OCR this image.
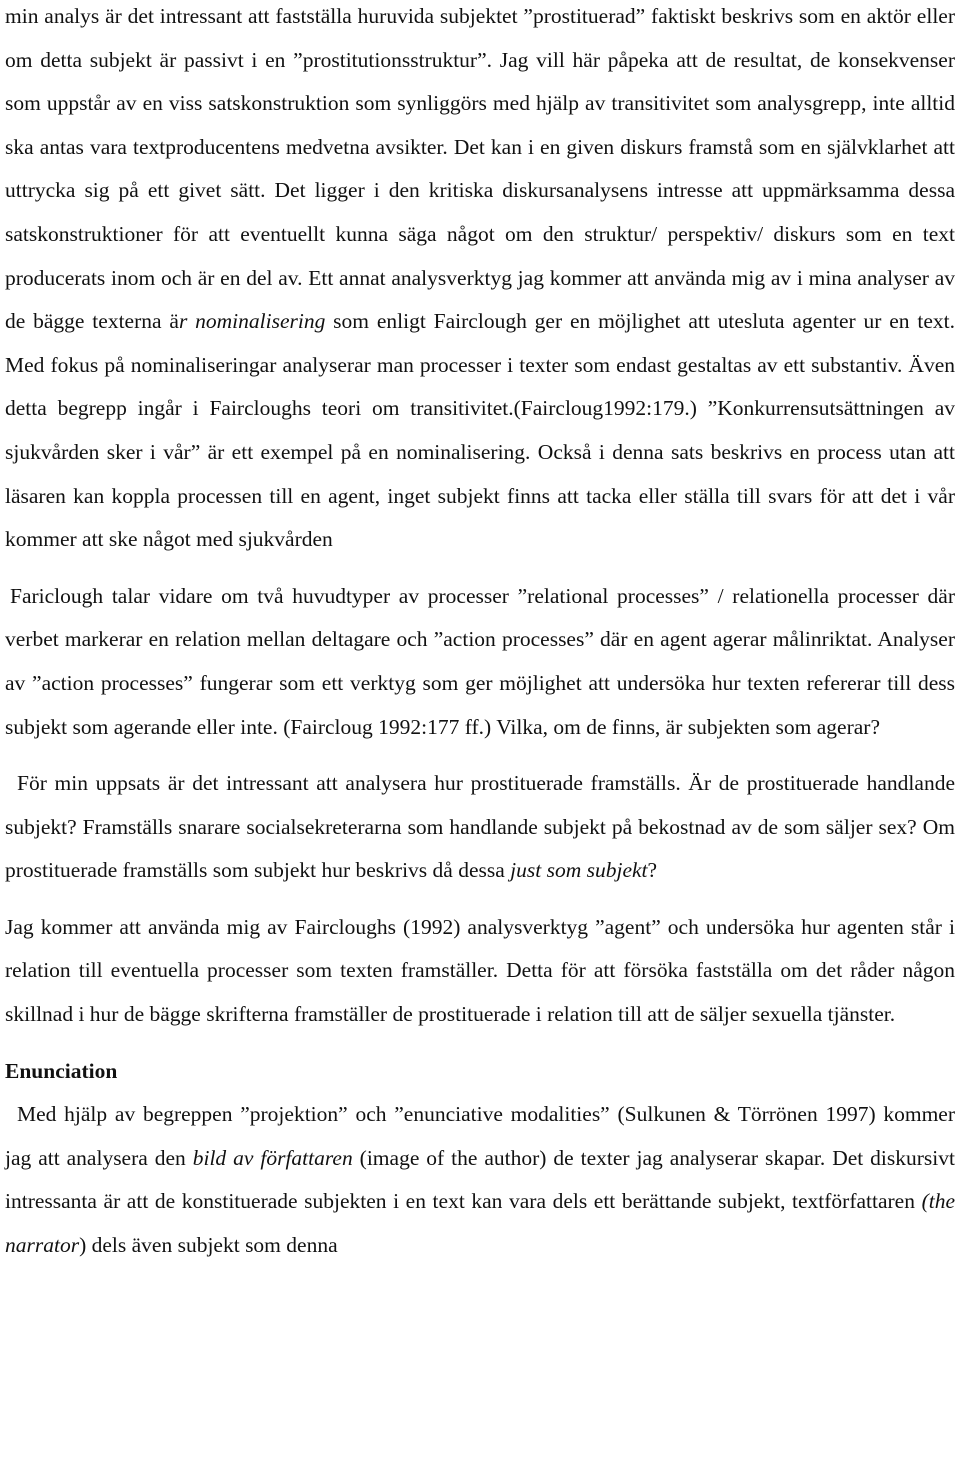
min analys är det intressant att fastställa huruvida subjektet ”prostituerad” faktiskt beskrivs som en aktör eller om detta subjekt är passivt i en ”prostitutionsstruktur”. Jag vill här påpeka att de resultat, de konsekvenser som uppstår av en viss satskonstruktion som synliggörs med hjälp av transitivitet som analysgrepp, inte alltid ska antas vara textproducentens medvetna avsikter. Det kan i en given diskurs framstå som en självklarhet att uttrycka sig på ett givet sätt. Det ligger i den kritiska diskursanalysens intresse att uppmärksamma dessa satskonstruktioner för att eventuellt kunna säga något om den struktur/ perspektiv/ diskurs som en text producerats inom och är en del av. Ett annat analysverktyg jag kommer att använda mig av i mina analyser av de bägge texterna är nominalisering som enligt Fairclough ger en möjlighet att utesluta agenter ur en text. Med fokus på nominaliseringar analyserar man processer i texter som endast gestaltas av ett substantiv. Även detta begrepp ingår i Faircloughs teori om transitivitet.(Faircloug1992:179.) ”Konkurrensutsättningen av sjukvården sker i vår” är ett exempel på en nominalisering. Också i denna sats beskrivs en process utan att läsaren kan koppla processen till en agent, inget subjekt finns att tacka eller ställa till svars för att det i vår kommer att ske något med sjukvården

Fariclough talar vidare om två huvudtyper av processer ”relational processes” / relationella processer där verbet markerar en relation mellan deltagare och ”action processes” där en agent agerar målinriktat. Analyser av ”action processes” fungerar som ett verktyg som ger möjlighet att undersöka hur texten refererar till dess subjekt som agerande eller inte. (Faircloug 1992:177 ff.) Vilka, om de finns, är subjekten som agerar?

För min uppsats är det intressant att analysera hur prostituerade framställs. Är de prostituerade handlande subjekt? Framställs snarare socialsekreterarna som handlande subjekt på bekostnad av de som säljer sex? Om prostituerade framställs som subjekt hur beskrivs då dessa just som subjekt?

Jag kommer att använda mig av Faircloughs (1992) analysverktyg ”agent” och undersöka hur agenten står i relation till eventuella processer som texten framställer. Detta för att försöka fastställa om det råder någon skillnad i hur de bägge skrifterna framställer de prostituerade i relation till att de säljer sexuella tjänster.

Enunciation

Med hjälp av begreppen ”projektion” och ”enunciative modalities” (Sulkunen & Törrönen 1997) kommer jag att analysera den bild av författaren (image of the author) de texter jag analyserar skapar. Det diskursivt intressanta är att de konstituerade subjekten i en text kan vara dels ett berättande subjekt, textförfattaren (the narrator) dels även subjekt som denna
